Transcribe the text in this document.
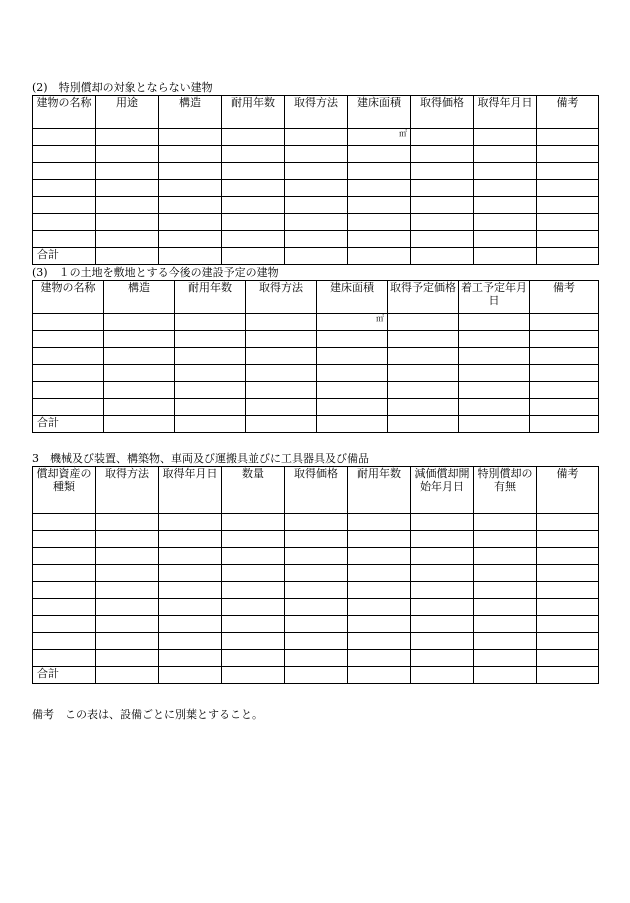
(2)　特別償却の対象とならない建物
建物の名称	用途	構造	耐用年数	取得方法	建床面積	取得価格	取得年月日	備考
					㎡			

合計								
(3)　１の土地を敷地とする今後の建設予定の建物
建物の名称	構造	耐用年数	取得方法	建床面積	取得予定価格	着工予定年月日	備考
				㎡			

合計							
3　機械及び装置、構築物、車両及び運搬具並びに工具器具及び備品
償却資産の種類	取得方法	取得年月日	数量	取得価格	耐用年数	減価償却開始年月日	特別償却の有無	備考

合計								
備考　この表は、設備ごとに別葉とすること。
